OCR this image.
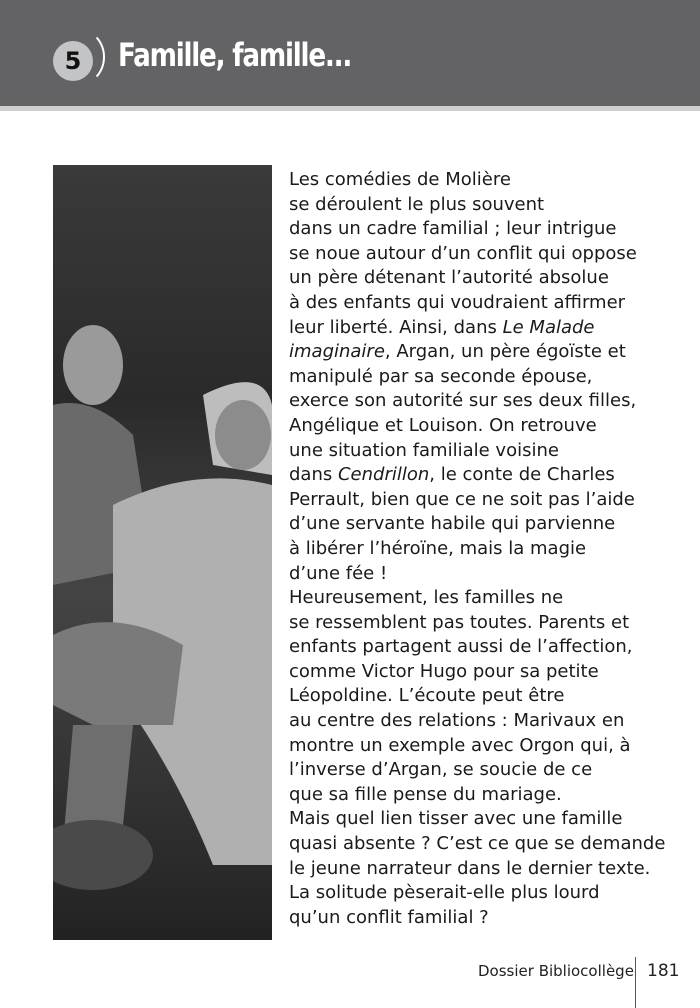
5	Famille, famille...
Les comédies de Molière
se déroulent le plus souvent
dans un cadre familial ; leur intrigue
se noue autour d’un conflit qui oppose
un père détenant l’autorité absolue
à des enfants qui voudraient affirmer
leur liberté. Ainsi, dans Le Malade
imaginaire, Argan, un père égoïste et
manipulé par sa seconde épouse,
exerce son autorité sur ses deux filles,
Angélique et Louison. On retrouve
une situation familiale voisine
dans Cendrillon, le conte de Charles
Perrault, bien que ce ne soit pas l’aide
d’une servante habile qui parvienne
à libérer l’héroïne, mais la magie
d’une fée !
Heureusement, les familles ne
se ressemblent pas toutes. Parents et
enfants partagent aussi de l’affection,
comme Victor Hugo pour sa petite
Léopoldine. L’écoute peut être
au centre des relations : Marivaux en
montre un exemple avec Orgon qui, à
l’inverse d’Argan, se soucie de ce
que sa fille pense du mariage.
Mais quel lien tisser avec une famille
quasi absente ? C’est ce que se demande
le jeune narrateur dans le dernier texte.
La solitude pèserait-elle plus lourd
qu’un conflit familial ?
Dossier Bibliocollège 181
